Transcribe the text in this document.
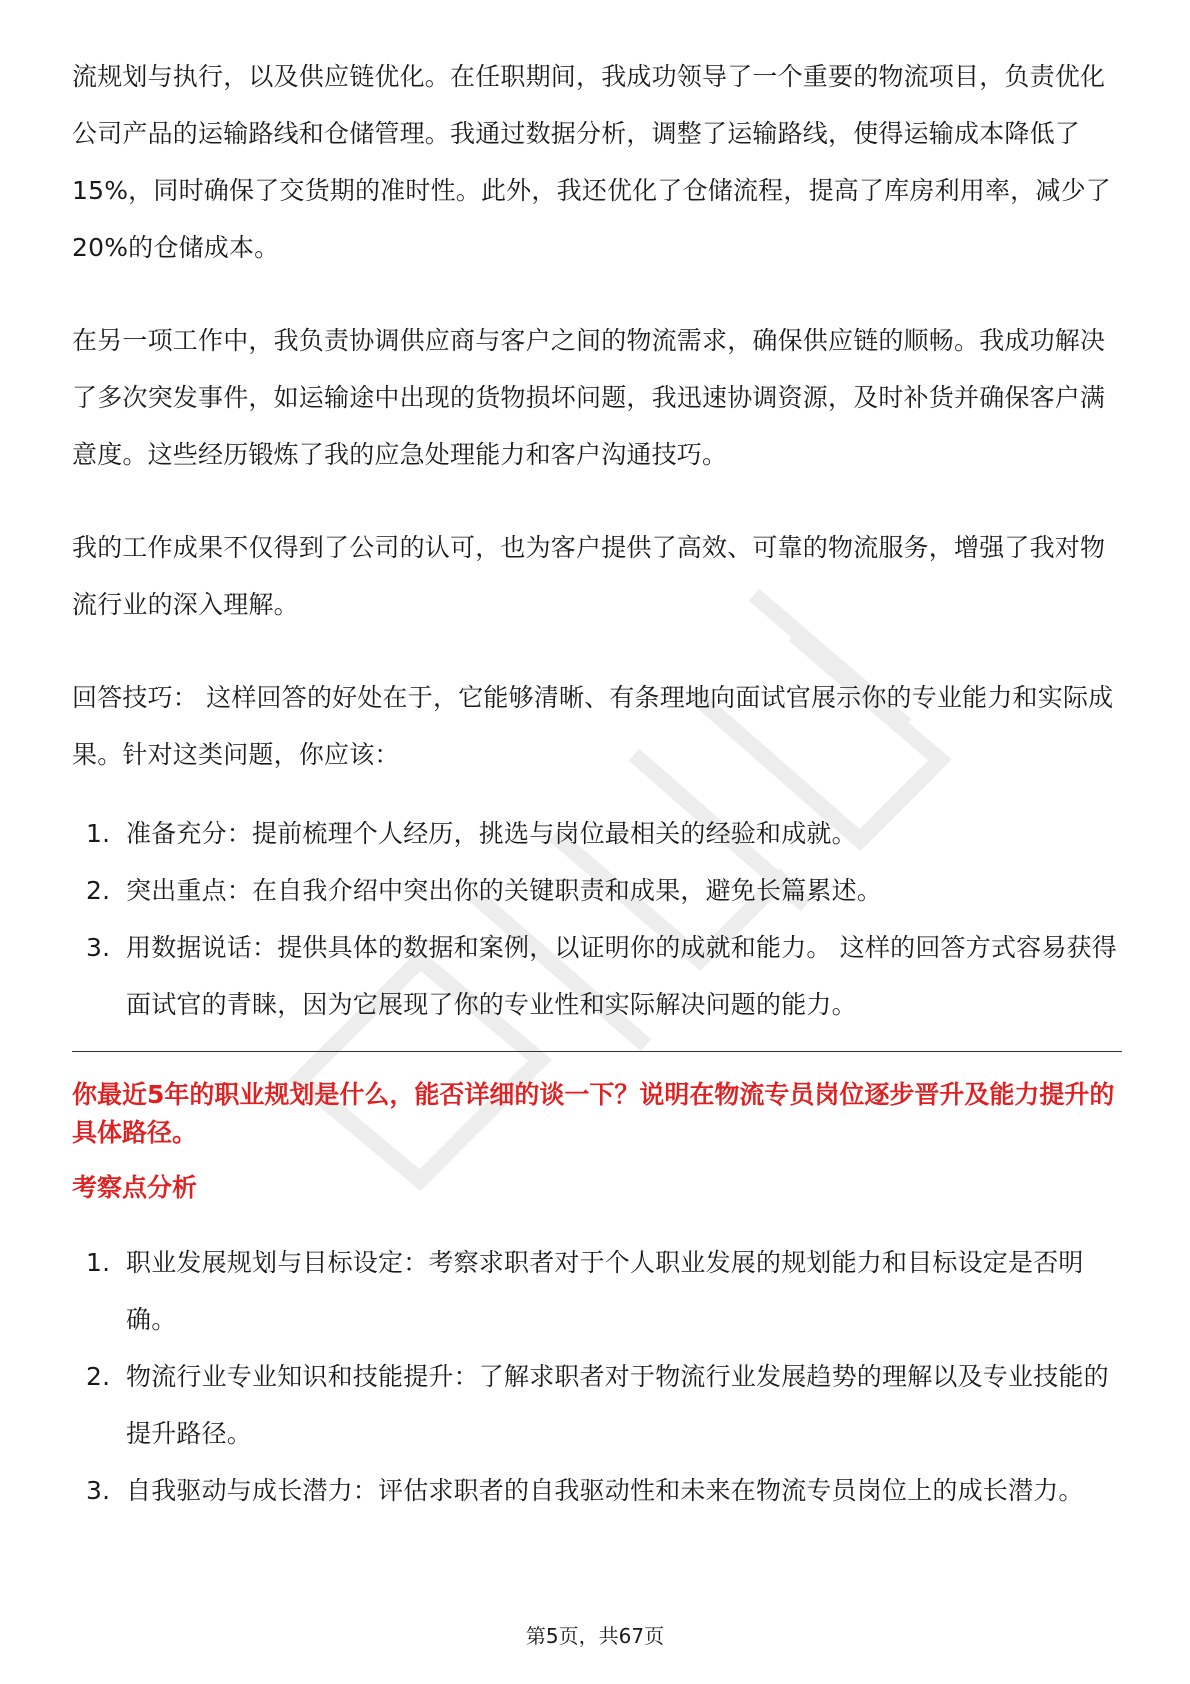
流规划与执行，以及供应链优化。在任职期间，我成功领导了一个重要的物流项目，负责优化公司产品的运输路线和仓储管理。我通过数据分析，调整了运输路线，使得运输成本降低了15%，同时确保了交货期的准时性。此外，我还优化了仓储流程，提高了库房利用率，减少了20%的仓储成本。

在另一项工作中，我负责协调供应商与客户之间的物流需求，确保供应链的顺畅。我成功解决了多次突发事件，如运输途中出现的货物损坏问题，我迅速协调资源，及时补货并确保客户满意度。这些经历锻炼了我的应急处理能力和客户沟通技巧。

我的工作成果不仅得到了公司的认可，也为客户提供了高效、可靠的物流服务，增强了我对物流行业的深入理解。

回答技巧： 这样回答的好处在于，它能够清晰、有条理地向面试官展示你的专业能力和实际成果。针对这类问题，你应该：

1. 准备充分：提前梳理个人经历，挑选与岗位最相关的经验和成就。
2. 突出重点：在自我介绍中突出你的关键职责和成果，避免长篇累述。
3. 用数据说话：提供具体的数据和案例，以证明你的成就和能力。 这样的回答方式容易获得面试官的青睐，因为它展现了你的专业性和实际解决问题的能力。

你最近5年的职业规划是什么，能否详细的谈一下？说明在物流专员岗位逐步晋升及能力提升的具体路径。

考察点分析

1. 职业发展规划与目标设定：考察求职者对于个人职业发展的规划能力和目标设定是否明确。
2. 物流行业专业知识和技能提升：了解求职者对于物流行业发展趋势的理解以及专业技能的提升路径。
3. 自我驱动与成长潜力：评估求职者的自我驱动性和未来在物流专员岗位上的成长潜力。
第5页，共67页
